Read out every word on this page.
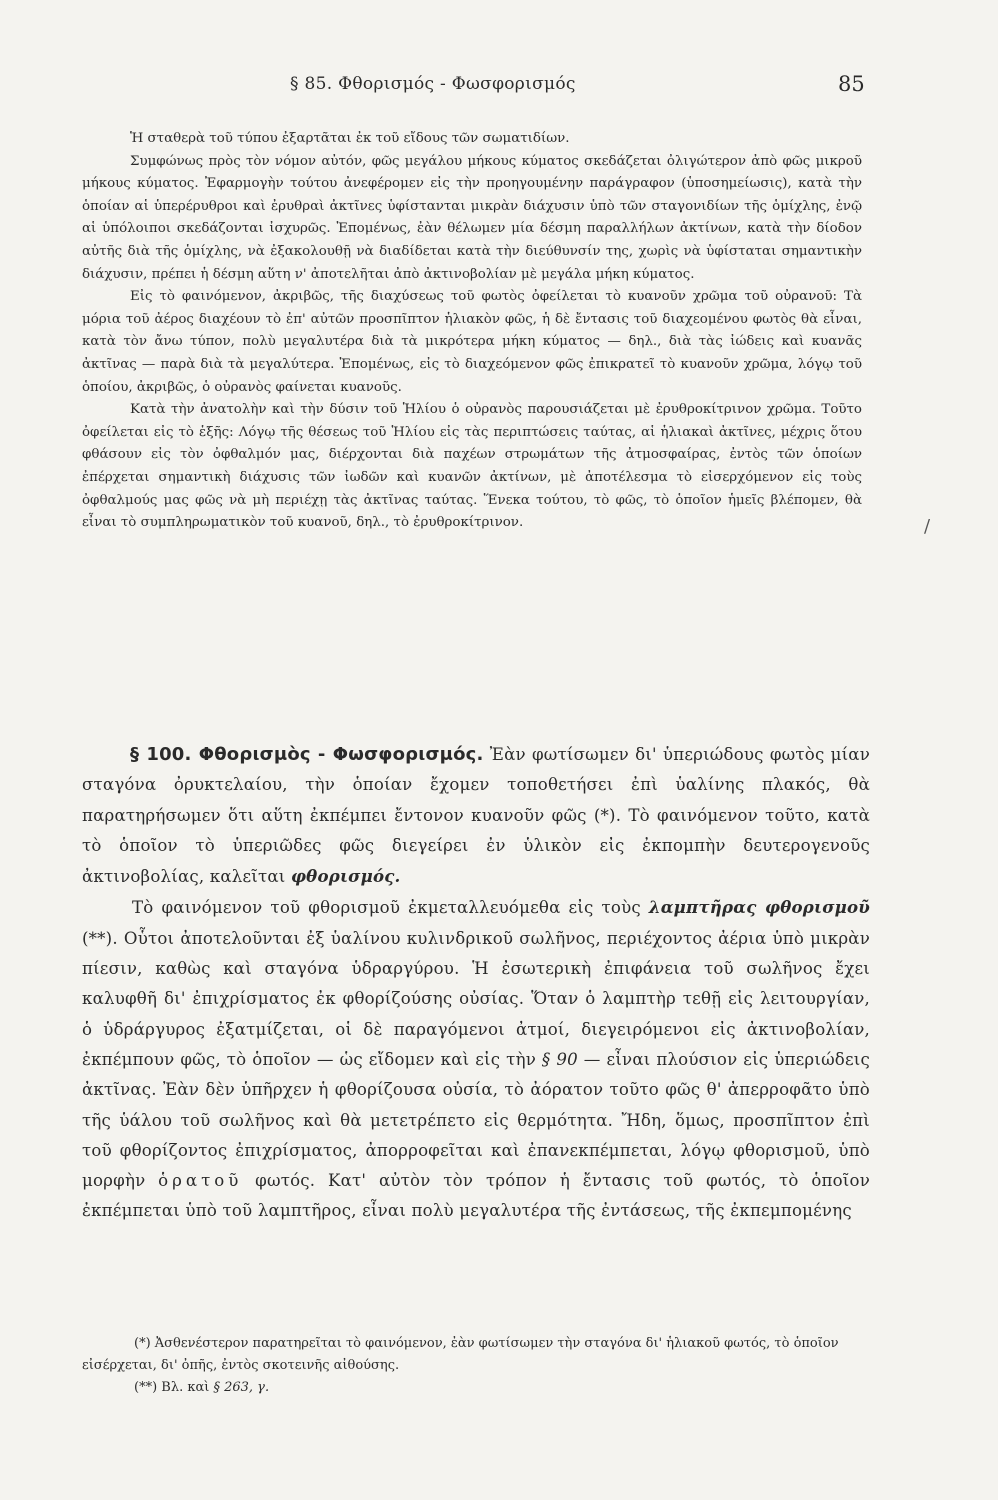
§ 85. Φθορισμός - Φωσφορισμός	85

Ἡ σταθερὰ τοῦ τύπου ἐξαρτᾶται ἐκ τοῦ εἴδους τῶν σωματιδίων.

Συμφώνως πρὸς τὸν νόμον αὐτόν, φῶς μεγάλου μήκους κύματος σκεδάζεται ὀλιγώτερον ἀπὸ φῶς μικροῦ μήκους κύματος. Ἐφαρμογὴν τούτου ἀνεφέρομεν εἰς τὴν προηγουμένην παράγραφον (ὑποσημείωσις), κατὰ τὴν ὁποίαν αἱ ὑπερέρυθροι καὶ ἐρυθραὶ ἀκτῖνες ὑφίστανται μικρὰν διάχυσιν ὑπὸ τῶν σταγονιδίων τῆς ὁμίχλης, ἐνῷ αἱ ὑπόλοιποι σκεδάζονται ἰσχυρῶς. Ἐπομένως, ἐὰν θέλωμεν μία δέσμη παραλλήλων ἀκτίνων, κατὰ τὴν δίοδον αὐτῆς διὰ τῆς ὁμίχλης, νὰ ἐξακολουθῇ νὰ διαδίδεται κατὰ τὴν διεύθυνσίν της, χωρὶς νὰ ὑφίσταται σημαντικὴν διάχυσιν, πρέπει ἡ δέσμη αὕτη ν' ἀποτελῆται ἀπὸ ἀκτινοβολίαν μὲ μεγάλα μήκη κύματος.

Εἰς τὸ φαινόμενον, ἀκριβῶς, τῆς διαχύσεως τοῦ φωτὸς ὀφείλεται τὸ κυανοῦν χρῶμα τοῦ οὐρανοῦ: Τὰ μόρια τοῦ ἀέρος διαχέουν τὸ ἐπ' αὐτῶν προσπῖπτον ἡλιακὸν φῶς, ἡ δὲ ἔντασις τοῦ διαχεομένου φωτὸς θὰ εἶναι, κατὰ τὸν ἄνω τύπον, πολὺ μεγαλυτέρα διὰ τὰ μικρότερα μήκη κύματος — δηλ., διὰ τὰς ἰώδεις καὶ κυανᾶς ἀκτῖνας — παρὰ διὰ τὰ μεγαλύτερα. Ἐπομένως, εἰς τὸ διαχεόμενον φῶς ἐπικρατεῖ τὸ κυανοῦν χρῶμα, λόγῳ τοῦ ὁποίου, ἀκριβῶς, ὁ οὐρανὸς φαίνεται κυανοῦς.

Κατὰ τὴν ἀνατολὴν καὶ τὴν δύσιν τοῦ Ἡλίου ὁ οὐρανὸς παρουσιάζεται μὲ ἐρυθροκίτρινον χρῶμα. Τοῦτο ὀφείλεται εἰς τὸ ἑξῆς: Λόγῳ τῆς θέσεως τοῦ Ἡλίου εἰς τὰς περιπτώσεις ταύτας, αἱ ἡλιακαὶ ἀκτῖνες, μέχρις ὅτου φθάσουν εἰς τὸν ὀφθαλμόν μας, διέρχονται διὰ παχέων στρωμάτων τῆς ἀτμοσφαίρας, ἐντὸς τῶν ὁποίων ἐπέρχεται σημαντικὴ διάχυσις τῶν ἰωδῶν καὶ κυανῶν ἀκτίνων, μὲ ἀποτέλεσμα τὸ εἰσερχόμενον εἰς τοὺς ὀφθαλμούς μας φῶς νὰ μὴ περιέχῃ τὰς ἀκτῖνας ταύτας. Ἕνεκα τούτου, τὸ φῶς, τὸ ὁποῖον ἡμεῖς βλέπομεν, θὰ εἶναι τὸ συμπληρωματικὸν τοῦ κυανοῦ, δηλ., τὸ ἐρυθροκίτρινον.	/

§ 100. Φθορισμὸς - Φωσφορισμός. Ἐὰν φωτίσωμεν δι' ὑπεριώδους φωτὸς μίαν σταγόνα ὀρυκτελαίου, τὴν ὁποίαν ἔχομεν τοποθετήσει ἐπὶ ὑαλίνης πλακός, θὰ παρατηρήσωμεν ὅτι αὕτη ἐκπέμπει ἔντονον κυανοῦν φῶς (*). Τὸ φαινόμενον τοῦτο, κατὰ τὸ ὁποῖον τὸ ὑπεριῶδες φῶς διεγείρει ἐν ὑλικὸν εἰς ἐκπομπὴν δευτερογενοῦς ἀκτινοβολίας, καλεῖται φθορισμός.

Τὸ φαινόμενον τοῦ φθορισμοῦ ἐκμεταλλευόμεθα εἰς τοὺς λαμπτῆρας φθορισμοῦ (**). Οὗτοι ἀποτελοῦνται ἐξ ὑαλίνου κυλινδρικοῦ σωλῆνος, περιέχοντος ἀέρια ὑπὸ μικρὰν πίεσιν, καθὼς καὶ σταγόνα ὑδραργύρου. Ἡ ἐσωτερικὴ ἐπιφάνεια τοῦ σωλῆνος ἔχει καλυφθῆ δι' ἐπιχρίσματος ἐκ φθορίζούσης οὐσίας. Ὅταν ὁ λαμπτὴρ τεθῇ εἰς λειτουργίαν, ὁ ὑδράργυρος ἐξατμίζεται, οἱ δὲ παραγόμενοι ἀτμοί, διεγειρόμενοι εἰς ἀκτινοβολίαν, ἐκπέμπουν φῶς, τὸ ὁποῖον — ὡς εἴδομεν καὶ εἰς τὴν § 90 — εἶναι πλούσιον εἰς ὑπεριώδεις ἀκτῖνας. Ἐὰν δὲν ὑπῆρχεν ἡ φθορίζουσα οὐσία, τὸ ἀόρατον τοῦτο φῶς θ' ἀπερροφᾶτο ὑπὸ τῆς ὑάλου τοῦ σωλῆνος καὶ θὰ μετετρέπετο εἰς θερμότητα. Ἤδη, ὅμως, προσπῖπτον ἐπὶ τοῦ φθορίζοντος ἐπιχρίσματος, ἀπορροφεῖται καὶ ἐπανεκπέμπεται, λόγῳ φθορισμοῦ, ὑπὸ μορφὴν ὁρατοῦ φωτός. Κατ' αὐτὸν τὸν τρόπον ἡ ἔντασις τοῦ φωτός, τὸ ὁποῖον ἐκπέμπεται ὑπὸ τοῦ λαμπτῆρος, εἶναι πολὺ μεγαλυτέρα τῆς ἐντάσεως, τῆς ἐκπεμπομένης

(*) Ἀσθενέστερον παρατηρεῖται τὸ φαινόμενον, ἐὰν φωτίσωμεν τὴν σταγόνα δι' ἡλιακοῦ φωτός, τὸ ὁποῖον εἰσέρχεται, δι' ὀπῆς, ἐντὸς σκοτεινῆς αἰθούσης.

(**) Βλ. καὶ § 263, γ.
